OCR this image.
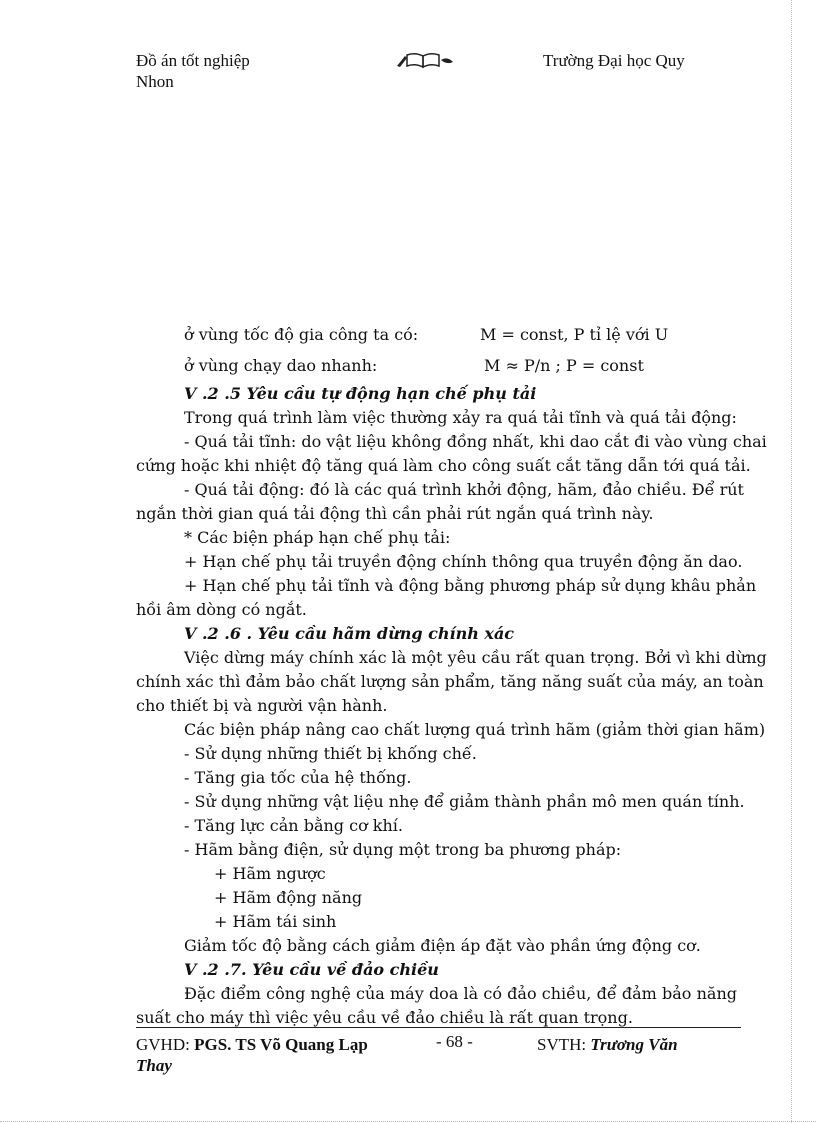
Đồ án tốt nghiệp
Nhon
Trường Đại học Quy
ở vùng tốc độ gia công ta có:	M = const, P tỉ lệ với U
ở vùng chạy dao nhanh:	M ≈ P/n ; P = const
V .2 .5 Yêu cầu tự động hạn chế phụ tải
Trong quá trình làm việc thường xảy ra quá tải tĩnh và quá tải động:
- Quá tải tĩnh: do vật liệu không đồng nhất, khi dao cắt đi vào vùng chai
cứng hoặc khi nhiệt độ tăng quá làm cho công suất cắt tăng dẫn tới quá tải.
- Quá tải động: đó là các quá trình khởi động, hãm, đảo chiều. Để rút
ngắn thời gian quá tải động thì cần phải rút ngắn quá trình này.
* Các biện pháp hạn chế phụ tải:
+ Hạn chế phụ tải truyền động chính thông qua truyền động ăn dao.
+ Hạn chế phụ tải tĩnh và động bằng phương pháp sử dụng khâu phản
hồi âm dòng có ngắt.
V .2 .6 . Yêu cầu hãm dừng chính xác
Việc dừng máy chính xác là một yêu cầu rất quan trọng. Bởi vì khi dừng
chính xác thì đảm bảo chất lượng sản phẩm, tăng năng suất của máy, an toàn
cho thiết bị và người vận hành.
Các biện pháp nâng cao chất lượng quá trình hãm (giảm thời gian hãm)
- Sử dụng những thiết bị khống chế.
- Tăng gia tốc của hệ thống.
- Sử dụng những vật liệu nhẹ để giảm thành phần mô men quán tính.
- Tăng lực cản bằng cơ khí.
- Hãm bằng điện, sử dụng một trong ba phương pháp:
+ Hãm ngược
+ Hãm động năng
+ Hãm tái sinh
Giảm tốc độ bằng cách giảm điện áp đặt vào phần ứng động cơ.
V .2 .7. Yêu cầu về đảo chiều
Đặc điểm công nghệ của máy doa là có đảo chiều, để đảm bảo năng
suất cho máy thì việc yêu cầu về đảo chiều là rất quan trọng.
GVHD: PGS. TS Võ Quang Lạp	- 68 -	SVTH: Trương Văn
Thay
